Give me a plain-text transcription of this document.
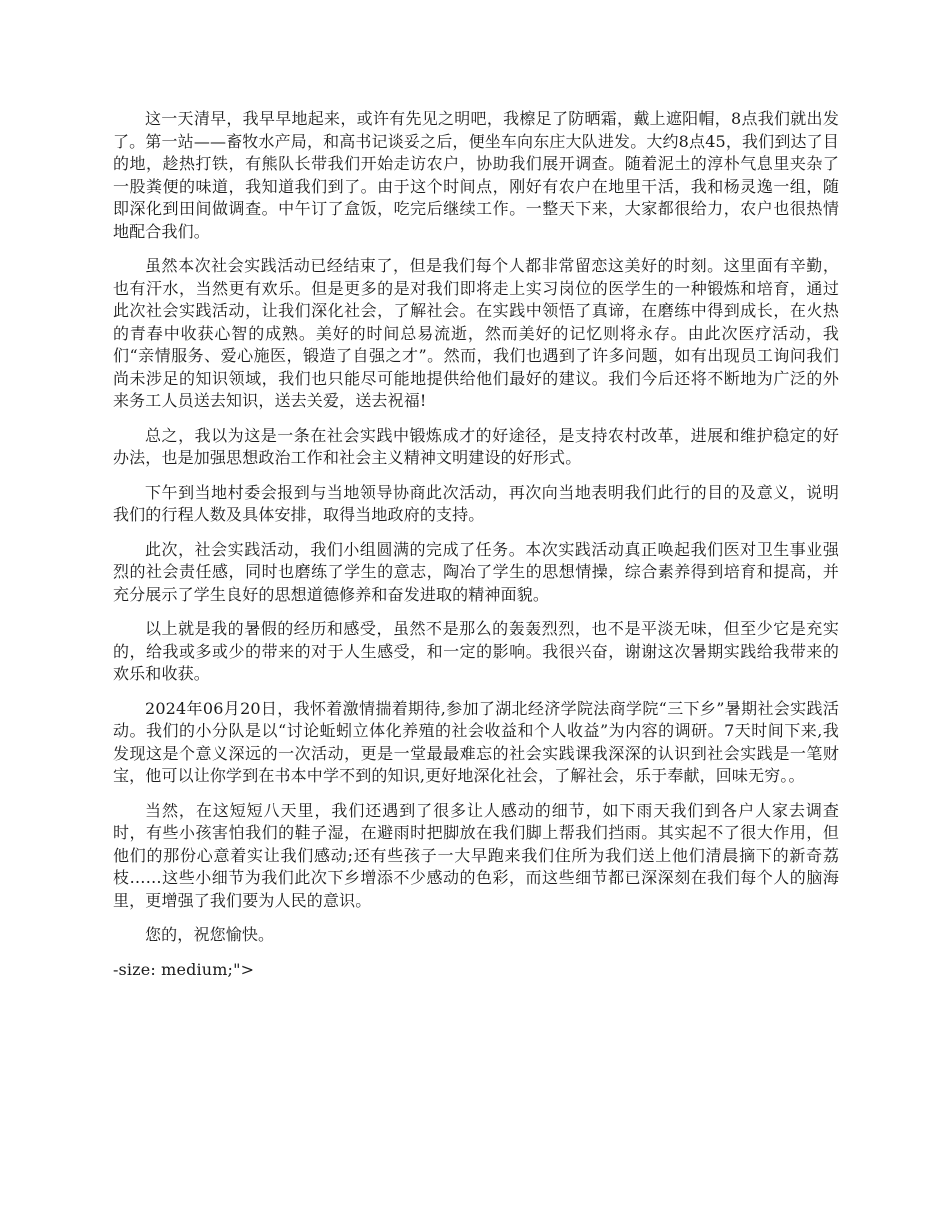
这一天清早，我早早地起来，或许有先见之明吧，我檫足了防晒霜，戴上遮阳帽，8点我们就出发了。第一站——畜牧水产局，和高书记谈妥之后，便坐车向东庄大队进发。大约8点45，我们到达了目的地，趁热打铁，有熊队长带我们开始走访农户，协助我们展开调查。随着泥土的淳朴气息里夹杂了一股粪便的味道，我知道我们到了。由于这个时间点，刚好有农户在地里干活，我和杨灵逸一组，随即深化到田间做调查。中午订了盒饭，吃完后继续工作。一整天下来，大家都很给力，农户也很热情地配合我们。

虽然本次社会实践活动已经结束了，但是我们每个人都非常留恋这美好的时刻。这里面有辛勤，也有汗水，当然更有欢乐。但是更多的是对我们即将走上实习岗位的医学生的一种锻炼和培育，通过此次社会实践活动，让我们深化社会，了解社会。在实践中领悟了真谛，在磨练中得到成长，在火热的青春中收获心智的成熟。美好的时间总易流逝，然而美好的记忆则将永存。由此次医疗活动，我们“亲情服务、爱心施医，锻造了自强之才”。然而，我们也遇到了许多问题，如有出现员工询问我们尚未涉足的知识领域，我们也只能尽可能地提供给他们最好的建议。我们今后还将不断地为广泛的外来务工人员送去知识，送去关爱，送去祝福!

总之，我以为这是一条在社会实践中锻炼成才的好途径，是支持农村改革，进展和维护稳定的好办法，也是加强思想政治工作和社会主义精神文明建设的好形式。

下午到当地村委会报到与当地领导协商此次活动，再次向当地表明我们此行的目的及意义，说明我们的行程人数及具体安排，取得当地政府的支持。

此次，社会实践活动，我们小组圆满的完成了任务。本次实践活动真正唤起我们医对卫生事业强烈的社会责任感，同时也磨练了学生的意志，陶冶了学生的思想情操，综合素养得到培育和提高，并充分展示了学生良好的思想道德修养和奋发进取的精神面貌。

以上就是我的暑假的经历和感受，虽然不是那么的轰轰烈烈，也不是平淡无味，但至少它是充实的，给我或多或少的带来的对于人生感受，和一定的影响。我很兴奋，谢谢这次暑期实践给我带来的欢乐和收获。

2024年06月20日，我怀着激情揣着期待,参加了湖北经济学院法商学院“三下乡”暑期社会实践活动。我们的小分队是以“讨论蚯蚓立体化养殖的社会收益和个人收益”为内容的调研。7天时间下来,我发现这是个意义深远的一次活动，更是一堂最最难忘的社会实践课我深深的认识到社会实践是一笔财宝，他可以让你学到在书本中学不到的知识,更好地深化社会，了解社会，乐于奉献，回味无穷。。

当然，在这短短八天里，我们还遇到了很多让人感动的细节，如下雨天我们到各户人家去调查时，有些小孩害怕我们的鞋子湿，在避雨时把脚放在我们脚上帮我们挡雨。其实起不了很大作用，但他们的那份心意着实让我们感动;还有些孩子一大早跑来我们住所为我们送上他们清晨摘下的新奇荔枝……这些小细节为我们此次下乡增添不少感动的色彩，而这些细节都已深深刻在我们每个人的脑海里，更增强了我们要为人民的意识。

您的，祝您愉快。

-size: medium;">
